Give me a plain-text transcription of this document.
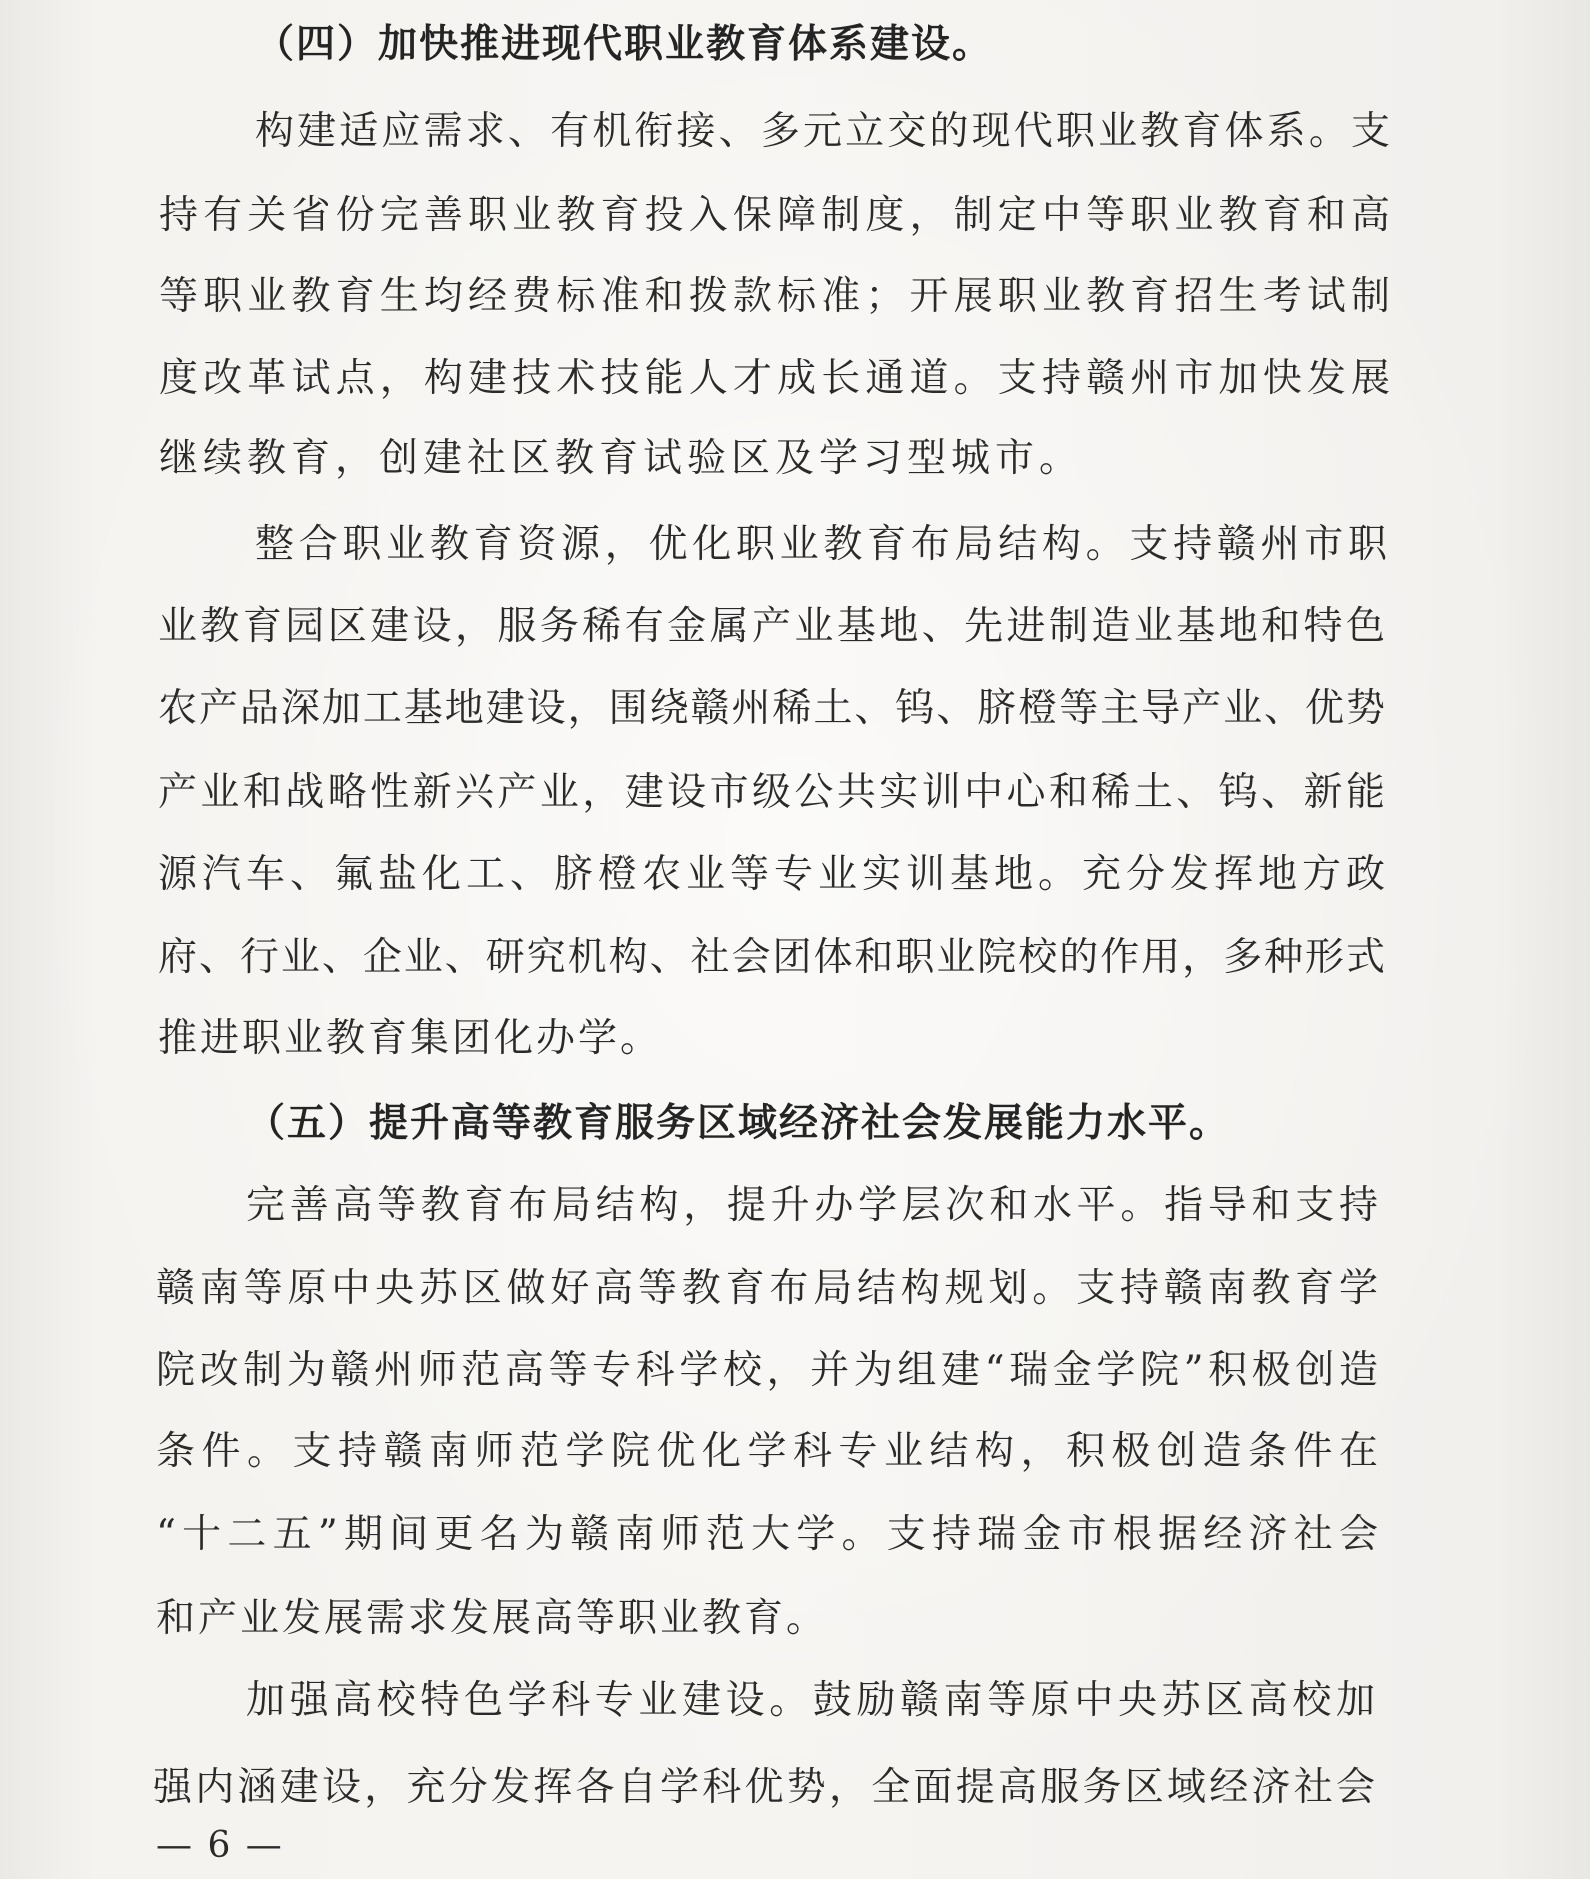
（四）加快推进现代职业教育体系建设。
构建适应需求、有机衔接、多元立交的现代职业教育体系。支
持有关省份完善职业教育投入保障制度，制定中等职业教育和高
等职业教育生均经费标准和拨款标准；开展职业教育招生考试制
度改革试点，构建技术技能人才成长通道。支持赣州市加快发展
继续教育，创建社区教育试验区及学习型城市。
整合职业教育资源，优化职业教育布局结构。支持赣州市职
业教育园区建设，服务稀有金属产业基地、先进制造业基地和特色
农产品深加工基地建设，围绕赣州稀土、钨、脐橙等主导产业、优势
产业和战略性新兴产业，建设市级公共实训中心和稀土、钨、新能
源汽车、氟盐化工、脐橙农业等专业实训基地。充分发挥地方政
府、行业、企业、研究机构、社会团体和职业院校的作用，多种形式
推进职业教育集团化办学。
（五）提升高等教育服务区域经济社会发展能力水平。
完善高等教育布局结构，提升办学层次和水平。指导和支持
赣南等原中央苏区做好高等教育布局结构规划。支持赣南教育学
院改制为赣州师范高等专科学校，并为组建“瑞金学院”积极创造
条件。支持赣南师范学院优化学科专业结构，积极创造条件在
“十二五”期间更名为赣南师范大学。支持瑞金市根据经济社会
和产业发展需求发展高等职业教育。
加强高校特色学科专业建设。鼓励赣南等原中央苏区高校加
强内涵建设，充分发挥各自学科优势，全面提高服务区域经济社会
— 6 —
